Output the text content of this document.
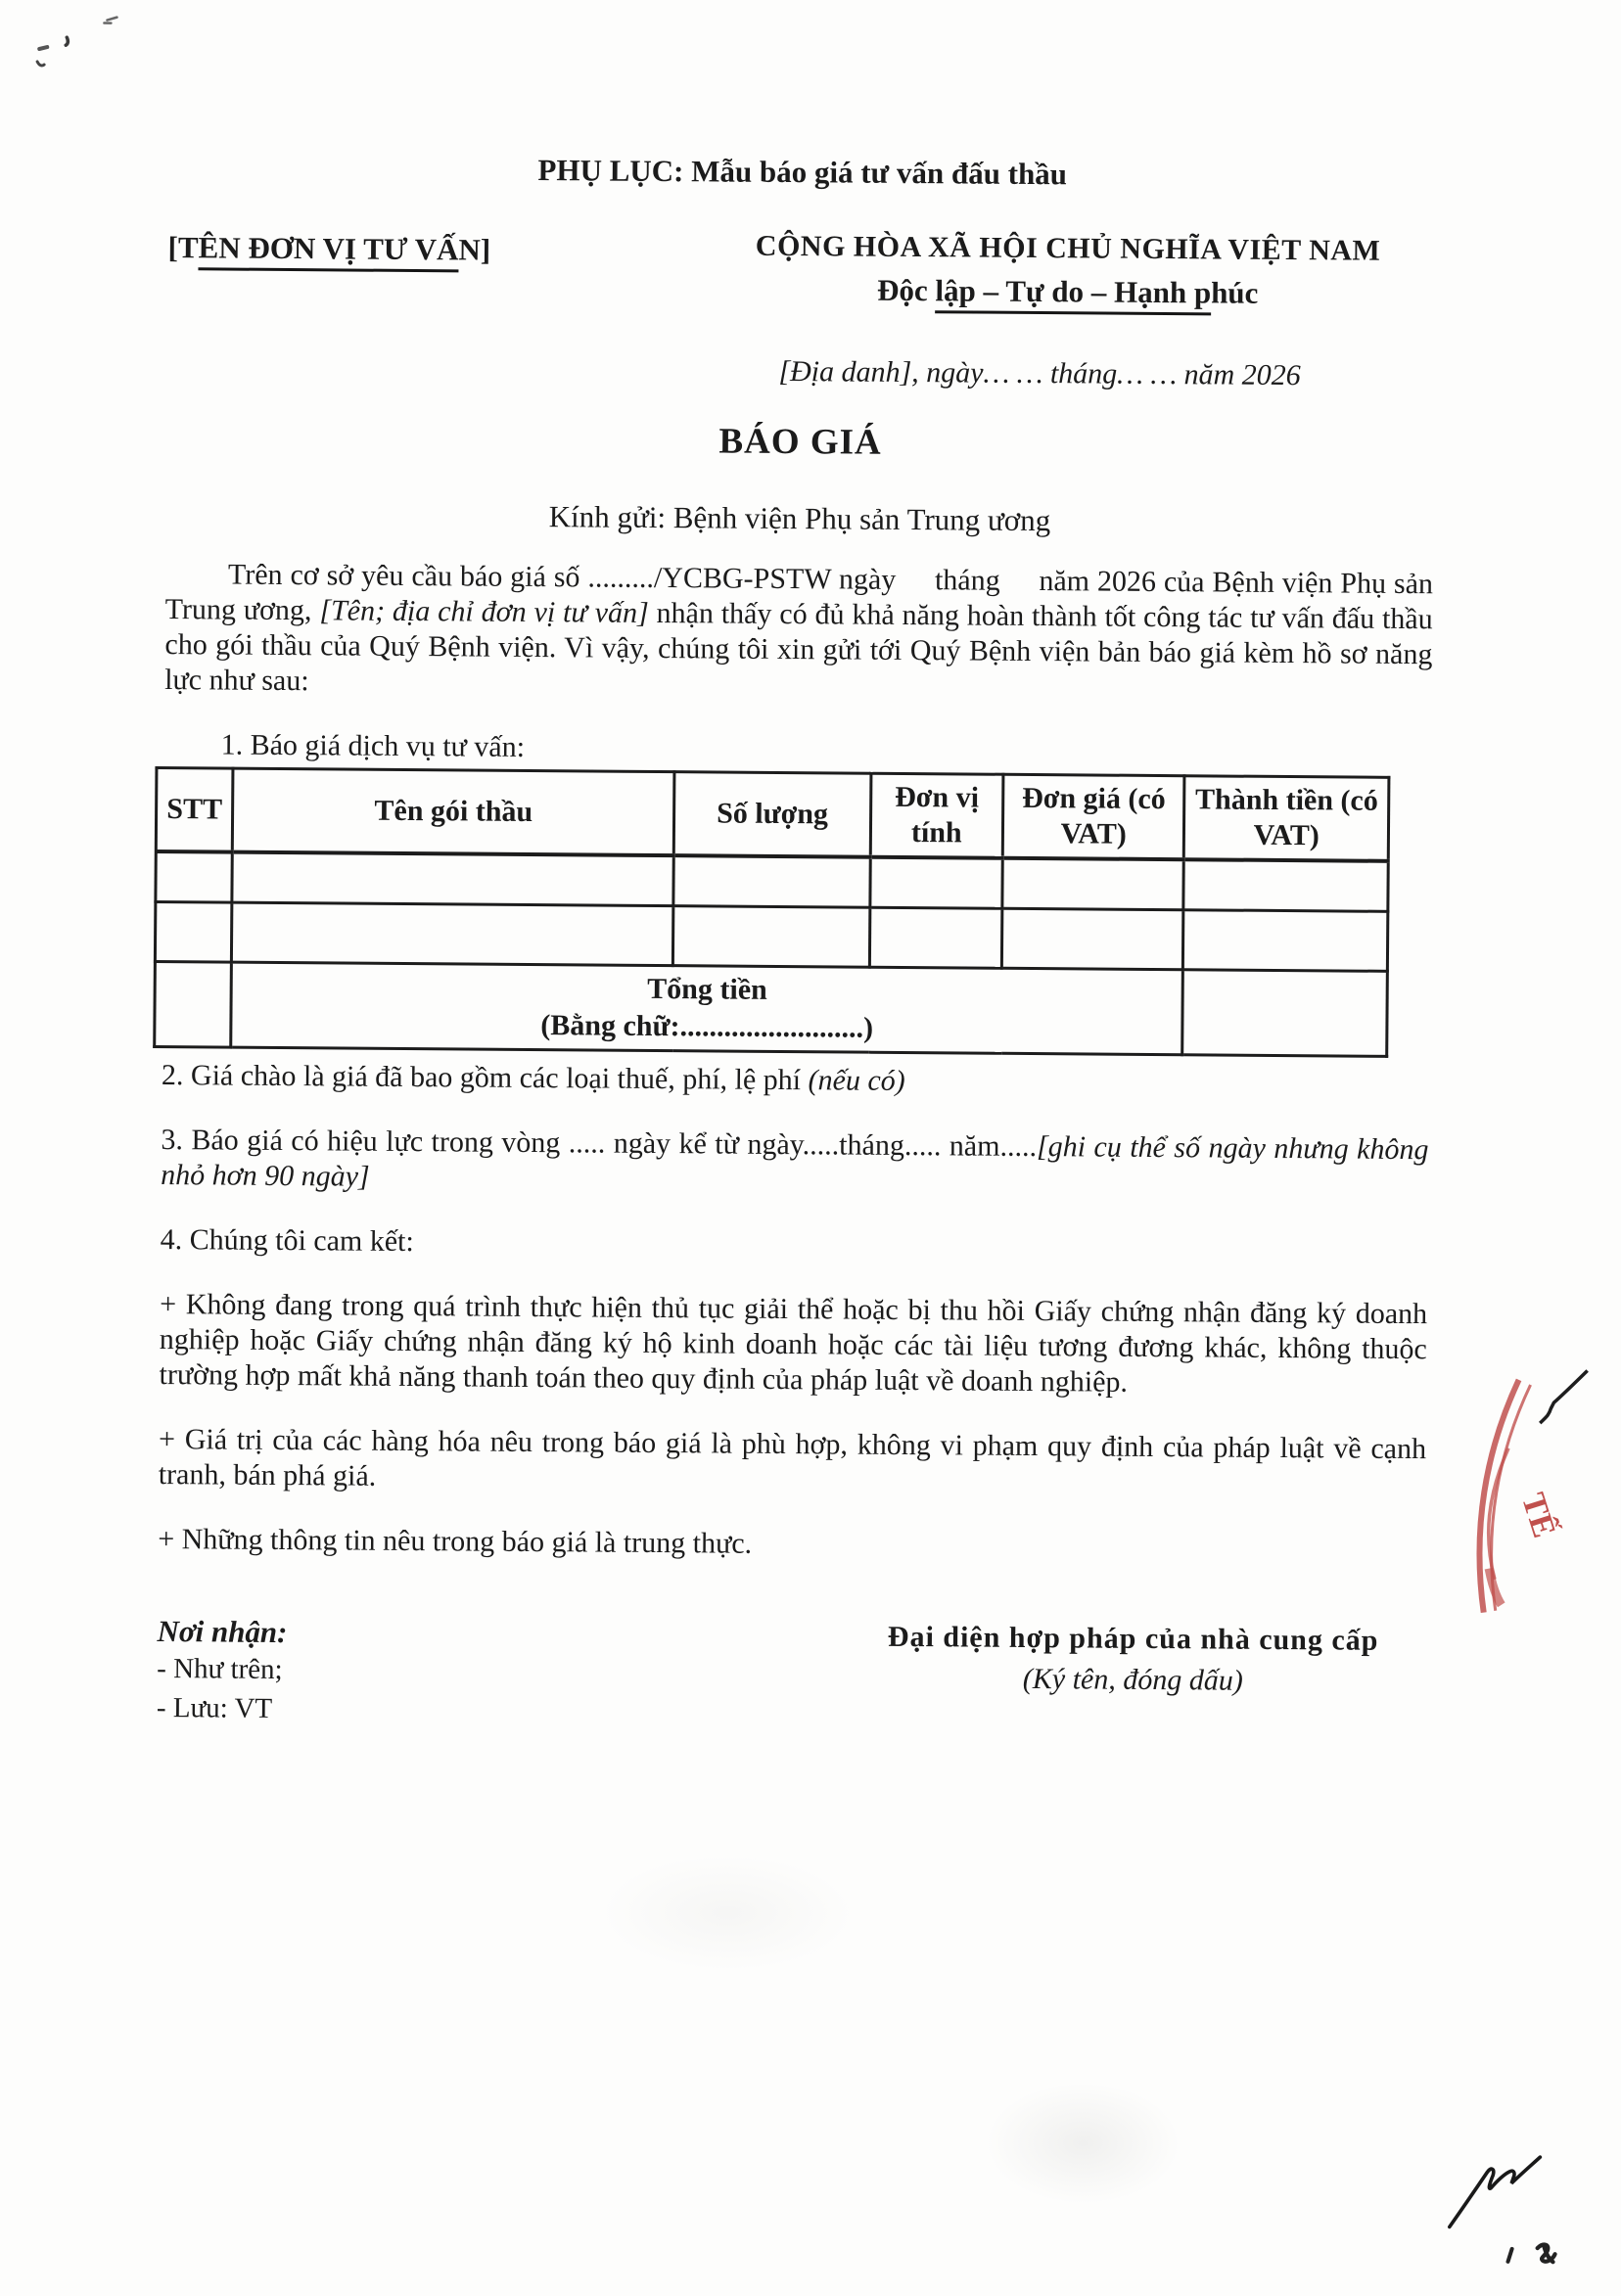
PHỤ LỤC: Mẫu báo giá tư vấn đấu thầu
[TÊN ĐƠN VỊ TƯ VẤN]	CỘNG HÒA XÃ HỘI CHỦ NGHĨA VIỆT NAM
Độc lập – Tự do – Hạnh phúc
[Địa danh], ngày… … tháng… … năm 2026
BÁO GIÁ
Kính gửi: Bệnh viện Phụ sản Trung ương

Trên cơ sở yêu cầu báo giá số ........./YCBG-PSTW ngày     tháng     năm 2026 của Bệnh viện Phụ sản Trung ương, [Tên; địa chỉ đơn vị tư vấn] nhận thấy có đủ khả năng hoàn thành tốt công tác tư vấn đấu thầu cho gói thầu của Quý Bệnh viện. Vì vậy, chúng tôi xin gửi tới Quý Bệnh viện bản báo giá kèm hồ sơ năng lực như sau:

1. Báo giá dịch vụ tư vấn:
STT	Tên gói thầu	Số lượng	Đơn vị tính	Đơn giá (có VAT)	Thành tiền (có VAT)

	Tổng tiền
(Bằng chữ:.........................)				

2. Giá chào là giá đã bao gồm các loại thuế, phí, lệ phí (nếu có)

3. Báo giá có hiệu lực trong vòng ..... ngày kể từ ngày.....tháng..... năm.....[ghi cụ thể số ngày nhưng không nhỏ hơn 90 ngày]

4. Chúng tôi cam kết:

+ Không đang trong quá trình thực hiện thủ tục giải thể hoặc bị thu hồi Giấy chứng nhận đăng ký doanh nghiệp hoặc Giấy chứng nhận đăng ký hộ kinh doanh hoặc các tài liệu tương đương khác, không thuộc trường hợp mất khả năng thanh toán theo quy định của pháp luật về doanh nghiệp.

+ Giá trị của các hàng hóa nêu trong báo giá là phù hợp, không vi phạm quy định của pháp luật về cạnh tranh, bán phá giá.

+ Những thông tin nêu trong báo giá là trung thực.

Nơi nhận:
- Như trên;
- Lưu: VT
Đại diện hợp pháp của nhà cung cấp
(Ký tên, đóng dấu)
TẾ
